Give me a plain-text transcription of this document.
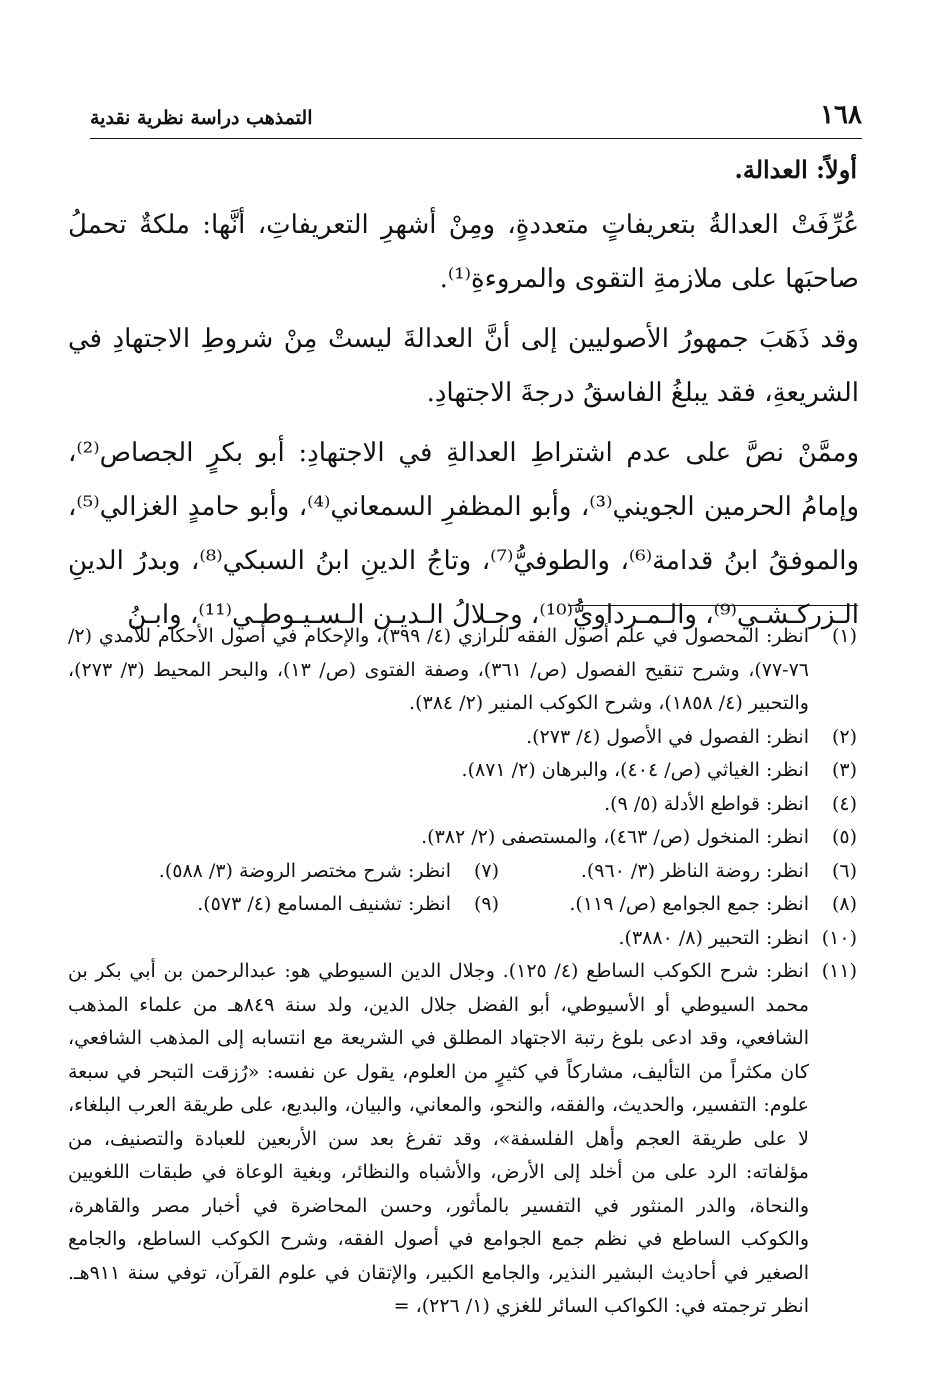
١٦٨
التمذهب دراسة نظرية نقدية
أولاً: العدالة.

عُرِّفَتْ العدالةُ بتعريفاتٍ متعددةٍ، ومِنْ أشهرِ التعريفاتِ، أنَّها: ملكةٌ تحملُ صاحبَها على ملازمةِ التقوى والمروءةِ⁽¹⁾.

وقد ذَهَبَ جمهورُ الأصوليين إلى أنَّ العدالةَ ليستْ مِنْ شروطِ الاجتهادِ في الشريعةِ، فقد يبلغُ الفاسقُ درجةَ الاجتهادِ.

وممَّنْ نصَّ على عدم اشتراطِ العدالةِ في الاجتهادِ: أبو بكرٍ الجصاص⁽²⁾، وإمامُ الحرمين الجويني⁽³⁾، وأبو المظفرِ السمعاني⁽⁴⁾، وأبو حامدٍ الغزالي⁽⁵⁾، والموفقُ ابنُ قدامة⁽⁶⁾، والطوفيُّ⁽⁷⁾، وتاجُ الدينِ ابنُ السبكي⁽⁸⁾، وبدرُ الدينِ الـزركـشـي⁽⁹⁾، والـمـرداويُّ⁽¹⁰⁾، وجـلالُ الـديـن الـسـيـوطـي⁽¹¹⁾، وابـنُ

(١)
انظر: المحصول في علم أصول الفقه للرازي (٤/ ٣٩٩)، والإحكام في أصول الأحكام للآمدي (٢/ ٧٦-٧٧)، وشرح تنقيح الفصول (ص/ ٣٦١)، وصفة الفتوى (ص/ ١٣)، والبحر المحيط (٣/ ٢٧٣)، والتحبير (٤/ ١٨٥٨)، وشرح الكوكب المنير (٢/ ٣٨٤).
(٢)
انظر: الفصول في الأصول (٤/ ٢٧٣).
(٣)
انظر: الغياثي (ص/ ٤٠٤)، والبرهان (٢/ ٨٧١).
(٤)
انظر: قواطع الأدلة (٥/ ٩).
(٥)
انظر: المنخول (ص/ ٤٦٣)، والمستصفى (٢/ ٣٨٢).
(٦)
انظر: روضة الناظر (٣/ ٩٦٠).
(٧)
انظر: شرح مختصر الروضة (٣/ ٥٨٨).
(٨)
انظر: جمع الجوامع (ص/ ١١٩).
(٩)
انظر: تشنيف المسامع (٤/ ٥٧٣).
(١٠)
انظر: التحبير (٨/ ٣٨٨٠).
(١١)
انظر: شرح الكوكب الساطع (٤/ ١٢٥). وجلال الدين السيوطي هو: عبدالرحمن بن أبي بكر بن محمد السيوطي أو الأسيوطي، أبو الفضل جلال الدين، ولد سنة ٨٤٩هـ من علماء المذهب الشافعي، وقد ادعى بلوغ رتبة الاجتهاد المطلق في الشريعة مع انتسابه إلى المذهب الشافعي، كان مكثراً من التأليف، مشاركاً في كثيرٍ من العلوم، يقول عن نفسه: «رُزقت التبحر في سبعة علوم: التفسير، والحديث، والفقه، والنحو، والمعاني، والبيان، والبديع، على طريقة العرب البلغاء، لا على طريقة العجم وأهل الفلسفة»، وقد تفرغ بعد سن الأربعين للعبادة والتصنيف، من مؤلفاته: الرد على من أخلد إلى الأرض، والأشباه والنظائر، وبغية الوعاة في طبقات اللغويين والنحاة، والدر المنثور في التفسير بالمأثور، وحسن المحاضرة في أخبار مصر والقاهرة، والكوكب الساطع في نظم جمع الجوامع في أصول الفقه، وشرح الكوكب الساطع، والجامع الصغير في أحاديث البشير النذير، والجامع الكبير، والإتقان في علوم القرآن، توفي سنة ٩١١هـ. انظر ترجمته في: الكواكب السائر للغزي (١/ ٢٢٦)، =
